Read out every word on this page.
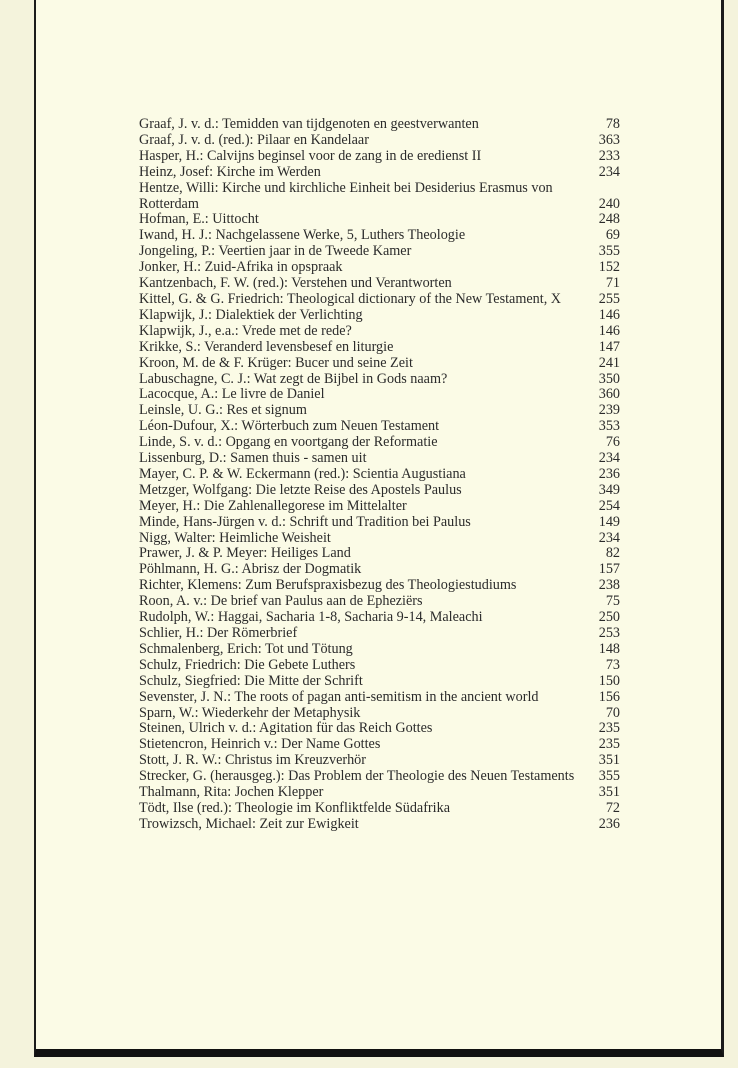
Graaf, J. v. d.: Temidden van tijdgenoten en geestverwanten	78
Graaf, J. v. d. (red.): Pilaar en Kandelaar	363
Hasper, H.: Calvijns beginsel voor de zang in de eredienst II	233
Heinz, Josef: Kirche im Werden	234
Hentze, Willi: Kirche und kirchliche Einheit bei Desiderius Erasmus von Rotterdam	240
Hofman, E.: Uittocht	248
Iwand, H. J.: Nachgelassene Werke, 5, Luthers Theologie	69
Jongeling, P.: Veertien jaar in de Tweede Kamer	355
Jonker, H.: Zuid-Afrika in opspraak	152
Kantzenbach, F. W. (red.): Verstehen und Verantworten	71
Kittel, G. & G. Friedrich: Theological dictionary of the New Testament, X	255
Klapwijk, J.: Dialektiek der Verlichting	146
Klapwijk, J., e.a.: Vrede met de rede?	146
Krikke, S.: Veranderd levensbesef en liturgie	147
Kroon, M. de & F. Krüger: Bucer und seine Zeit	241
Labuschagne, C. J.: Wat zegt de Bijbel in Gods naam?	350
Lacocque, A.: Le livre de Daniel	360
Leinsle, U. G.: Res et signum	239
Léon-Dufour, X.: Wörterbuch zum Neuen Testament	353
Linde, S. v. d.: Opgang en voortgang der Reformatie	76
Lissenburg, D.: Samen thuis - samen uit	234
Mayer, C. P. & W. Eckermann (red.): Scientia Augustiana	236
Metzger, Wolfgang: Die letzte Reise des Apostels Paulus	349
Meyer, H.: Die Zahlenallegorese im Mittelalter	254
Minde, Hans-Jürgen v. d.: Schrift und Tradition bei Paulus	149
Nigg, Walter: Heimliche Weisheit	234
Prawer, J. & P. Meyer: Heiliges Land	82
Pöhlmann, H. G.: Abrisz der Dogmatik	157
Richter, Klemens: Zum Berufspraxisbezug des Theologiestudiums	238
Roon, A. v.: De brief van Paulus aan de Epheziërs	75
Rudolph, W.: Haggai, Sacharia 1-8, Sacharia 9-14, Maleachi	250
Schlier, H.: Der Römerbrief	253
Schmalenberg, Erich: Tot und Tötung	148
Schulz, Friedrich: Die Gebete Luthers	73
Schulz, Siegfried: Die Mitte der Schrift	150
Sevenster, J. N.: The roots of pagan anti-semitism in the ancient world	156
Sparn, W.: Wiederkehr der Metaphysik	70
Steinen, Ulrich v. d.: Agitation für das Reich Gottes	235
Stietencron, Heinrich v.: Der Name Gottes	235
Stott, J. R. W.: Christus im Kreuzverhör	351
Strecker, G. (herausgeg.): Das Problem der Theologie des Neuen Testaments	355
Thalmann, Rita: Jochen Klepper	351
Tödt, Ilse (red.): Theologie im Konfliktfelde Südafrika	72
Trowizsch, Michael: Zeit zur Ewigkeit	236
